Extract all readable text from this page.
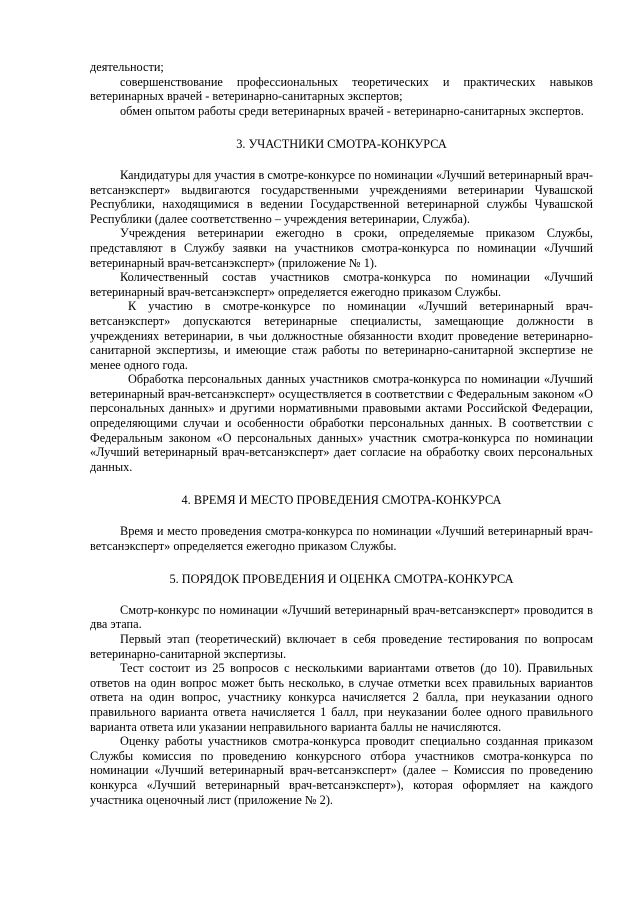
деятельности;

совершенствование профессиональных теоретических и практических навыков ветеринарных врачей - ветеринарно-санитарных экспертов;

обмен опытом работы среди ветеринарных врачей - ветеринарно-санитарных экспертов.

3. УЧАСТНИКИ СМОТРА-КОНКУРСА

Кандидатуры для участия в смотре-конкурсе по номинации «Лучший ветеринарный врач-ветсанэксперт» выдвигаются государственными учреждениями ветеринарии Чувашской Республики, находящимися в ведении Государственной ветеринарной службы Чувашской Республики (далее соответственно – учреждения ветеринарии, Служба).

Учреждения ветеринарии ежегодно в сроки, определяемые приказом Службы, представляют в Службу заявки на участников смотра-конкурса по номинации «Лучший ветеринарный врач-ветсанэксперт» (приложение № 1).

Количественный состав участников смотра-конкурса по номинации «Лучший ветеринарный врач-ветсанэксперт» определяется ежегодно приказом Службы.

К участию в смотре-конкурсе по номинации «Лучший ветеринарный врач-ветсанэксперт» допускаются ветеринарные специалисты, замещающие должности в учреждениях ветеринарии, в чьи должностные обязанности входит проведение ветеринарно-санитарной экспертизы, и имеющие стаж работы по ветеринарно-санитарной экспертизе не менее одного года.

Обработка персональных данных участников смотра-конкурса по номинации «Лучший ветеринарный врач-ветсанэксперт» осуществляется в соответствии с Федеральным законом «О персональных данных» и другими нормативными правовыми актами Российской Федерации, определяющими случаи и особенности обработки персональных данных. В соответствии с Федеральным законом «О персональных данных» участник смотра-конкурса по номинации «Лучший ветеринарный врач-ветсанэксперт» дает согласие на обработку своих персональных данных.

4. ВРЕМЯ И МЕСТО ПРОВЕДЕНИЯ СМОТРА-КОНКУРСА

Время и место проведения смотра-конкурса по номинации «Лучший ветеринарный врач-ветсанэксперт» определяется ежегодно приказом Службы.

5. ПОРЯДОК ПРОВЕДЕНИЯ И ОЦЕНКА СМОТРА-КОНКУРСА

Смотр-конкурс по номинации «Лучший ветеринарный врач-ветсанэксперт» проводится в два этапа.

Первый этап (теоретический) включает в себя проведение тестирования по вопросам ветеринарно-санитарной экспертизы.

Тест состоит из 25 вопросов с несколькими вариантами ответов (до 10). Правильных ответов на один вопрос может быть несколько, в случае отметки всех правильных вариантов ответа на один вопрос, участнику конкурса начисляется 2 балла, при неуказании одного правильного варианта ответа начисляется 1 балл, при неуказании более одного правильного варианта ответа или указании неправильного варианта баллы не начисляются.

Оценку работы участников смотра-конкурса проводит специально созданная приказом Службы комиссия по проведению конкурсного отбора участников смотра-конкурса по номинации «Лучший ветеринарный врач-ветсанэксперт» (далее – Комиссия по проведению конкурса «Лучший ветеринарный врач-ветсанэксперт»), которая оформляет на каждого участника оценочный лист (приложение № 2).
